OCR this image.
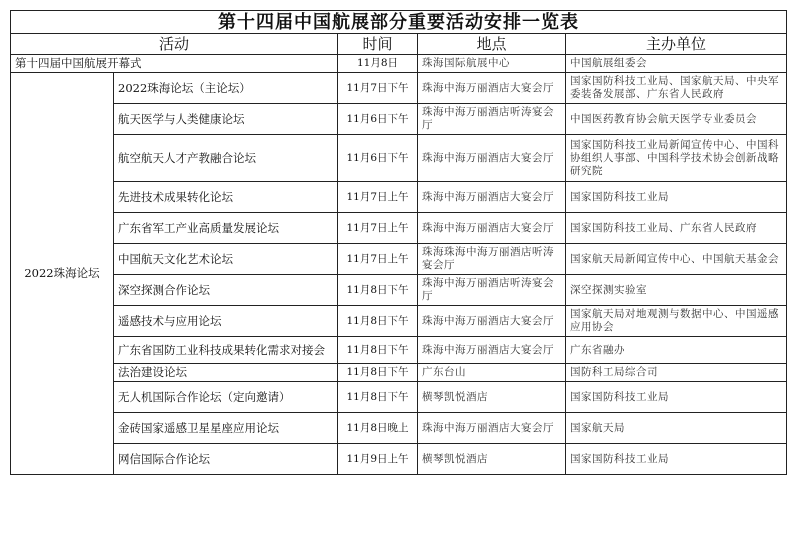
第十四届中国航展部分重要活动安排一览表				
活动		时间	地点	主办单位
第十四届中国航展开幕式		11月8日	珠海国际航展中心	中国航展组委会
2022珠海论坛	2022珠海论坛（主论坛）	11月7日下午	珠海中海万丽酒店大宴会厅	国家国防科技工业局、国家航天局、中央军委装备发展部、广东省人民政府
	航天医学与人类健康论坛	11月6日下午	珠海中海万丽酒店听涛宴会厅	中国医药教育协会航天医学专业委员会
	航空航天人才产教融合论坛	11月6日下午	珠海中海万丽酒店大宴会厅	国家国防科技工业局新闻宣传中心、中国科协组织人事部、中国科学技术协会创新战略研究院
	先进技术成果转化论坛	11月7日上午	珠海中海万丽酒店大宴会厅	国家国防科技工业局
	广东省军工产业高质量发展论坛	11月7日上午	珠海中海万丽酒店大宴会厅	国家国防科技工业局、广东省人民政府
	中国航天文化艺术论坛	11月7日上午	珠海珠海中海万丽酒店听涛宴会厅	国家航天局新闻宣传中心、中国航天基金会
	深空探测合作论坛	11月8日下午	珠海中海万丽酒店听涛宴会厅	深空探测实验室
	遥感技术与应用论坛	11月8日下午	珠海中海万丽酒店大宴会厅	国家航天局对地观测与数据中心、中国遥感应用协会
	广东省国防工业科技成果转化需求对接会	11月8日下午	珠海中海万丽酒店大宴会厅	广东省融办
	法治建设论坛	11月8日下午	广东台山	国防科工局综合司
	无人机国际合作论坛（定向邀请）	11月8日下午	横琴凯悦酒店	国家国防科技工业局
	金砖国家遥感卫星星座应用论坛	11月8日晚上	珠海中海万丽酒店大宴会厅	国家航天局
	网信国际合作论坛	11月9日上午	横琴凯悦酒店	国家国防科技工业局
